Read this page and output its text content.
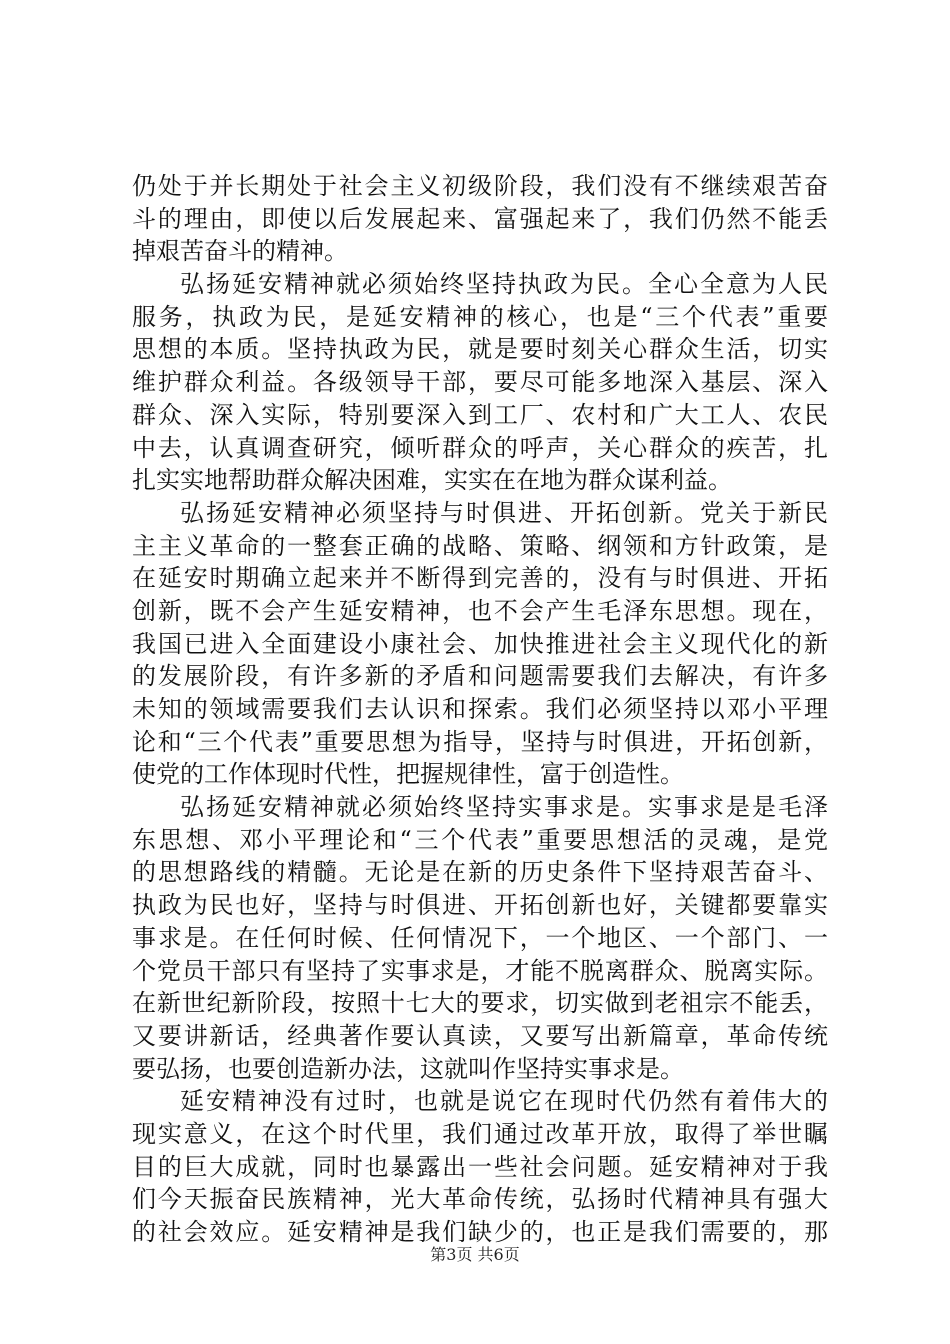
仍处于并长期处于社会主义初级阶段，我们没有不继续艰苦奋
斗的理由，即使以后发展起来、富强起来了，我们仍然不能丢
掉艰苦奋斗的精神。
弘扬延安精神就必须始终坚持执政为民。全心全意为人民
服务，执政为民，是延安精神的核心，也是“三个代表”重要
思想的本质。坚持执政为民，就是要时刻关心群众生活，切实
维护群众利益。各级领导干部，要尽可能多地深入基层、深入
群众、深入实际，特别要深入到工厂、农村和广大工人、农民
中去，认真调查研究，倾听群众的呼声，关心群众的疾苦，扎
扎实实地帮助群众解决困难，实实在在地为群众谋利益。
弘扬延安精神必须坚持与时俱进、开拓创新。党关于新民
主主义革命的一整套正确的战略、策略、纲领和方针政策，是
在延安时期确立起来并不断得到完善的，没有与时俱进、开拓
创新，既不会产生延安精神，也不会产生毛泽东思想。现在，
我国已进入全面建设小康社会、加快推进社会主义现代化的新
的发展阶段，有许多新的矛盾和问题需要我们去解决，有许多
未知的领域需要我们去认识和探索。我们必须坚持以邓小平理
论和“三个代表”重要思想为指导，坚持与时俱进，开拓创新，
使党的工作体现时代性，把握规律性，富于创造性。
弘扬延安精神就必须始终坚持实事求是。实事求是是毛泽
东思想、邓小平理论和“三个代表”重要思想活的灵魂，是党
的思想路线的精髓。无论是在新的历史条件下坚持艰苦奋斗、
执政为民也好，坚持与时俱进、开拓创新也好，关键都要靠实
事求是。在任何时候、任何情况下，一个地区、一个部门、一
个党员干部只有坚持了实事求是，才能不脱离群众、脱离实际。
在新世纪新阶段，按照十七大的要求，切实做到老祖宗不能丢，
又要讲新话，经典著作要认真读，又要写出新篇章，革命传统
要弘扬，也要创造新办法，这就叫作坚持实事求是。
延安精神没有过时，也就是说它在现时代仍然有着伟大的
现实意义，在这个时代里，我们通过改革开放，取得了举世瞩
目的巨大成就，同时也暴露出一些社会问题。延安精神对于我
们今天振奋民族精神，光大革命传统，弘扬时代精神具有强大
的社会效应。延安精神是我们缺少的，也正是我们需要的，那
第3页 共6页
